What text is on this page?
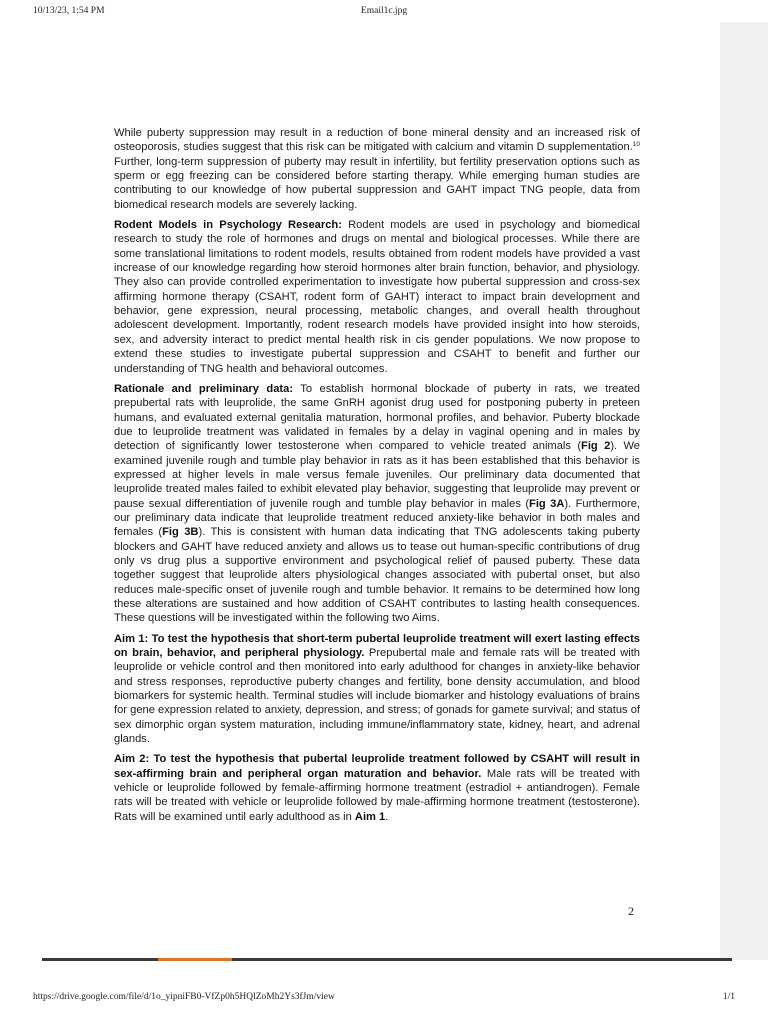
10/13/23, 1:54 PM	Email1c.jpg

While puberty suppression may result in a reduction of bone mineral density and an increased risk of osteoporosis, studies suggest that this risk can be mitigated with calcium and vitamin D supplementation.$^{10}$ Further, long-term suppression of puberty may result in infertility, but fertility preservation options such as sperm or egg freezing can be considered before starting therapy. While emerging human studies are contributing to our knowledge of how pubertal suppression and GAHT impact TNG people, data from biomedical research models are severely lacking.

Rodent Models in Psychology Research: Rodent models are used in psychology and biomedical research to study the role of hormones and drugs on mental and biological processes. While there are some translational limitations to rodent models, results obtained from rodent models have provided a vast increase of our knowledge regarding how steroid hormones alter brain function, behavior, and physiology. They also can provide controlled experimentation to investigate how pubertal suppression and cross-sex affirming hormone therapy (CSAHT, rodent form of GAHT) interact to impact brain development and behavior, gene expression, neural processing, metabolic changes, and overall health throughout adolescent development. Importantly, rodent research models have provided insight into how steroids, sex, and adversity interact to predict mental health risk in cis gender populations. We now propose to extend these studies to investigate pubertal suppression and CSAHT to benefit and further our understanding of TNG health and behavioral outcomes.

Rationale and preliminary data: To establish hormonal blockade of puberty in rats, we treated prepubertal rats with leuprolide, the same GnRH agonist drug used for postponing puberty in preteen humans, and evaluated external genitalia maturation, hormonal profiles, and behavior. Puberty blockade due to leuprolide treatment was validated in females by a delay in vaginal opening and in males by detection of significantly lower testosterone when compared to vehicle treated animals (Fig 2). We examined juvenile rough and tumble play behavior in rats as it has been established that this behavior is expressed at higher levels in male versus female juveniles. Our preliminary data documented that leuprolide treated males failed to exhibit elevated play behavior, suggesting that leuprolide may prevent or pause sexual differentiation of juvenile rough and tumble play behavior in males (Fig 3A). Furthermore, our preliminary data indicate that leuprolide treatment reduced anxiety-like behavior in both males and females (Fig 3B). This is consistent with human data indicating that TNG adolescents taking puberty blockers and GAHT have reduced anxiety and allows us to tease out human-specific contributions of drug only vs drug plus a supportive environment and psychological relief of paused puberty. These data together suggest that leuprolide alters physiological changes associated with pubertal onset, but also reduces male-specific onset of juvenile rough and tumble behavior. It remains to be determined how long these alterations are sustained and how addition of CSAHT contributes to lasting health consequences. These questions will be investigated within the following two Aims.

Aim 1: To test the hypothesis that short-term pubertal leuprolide treatment will exert lasting effects on brain, behavior, and peripheral physiology. Prepubertal male and female rats will be treated with leuprolide or vehicle control and then monitored into early adulthood for changes in anxiety-like behavior and stress responses, reproductive puberty changes and fertility, bone density accumulation, and blood biomarkers for systemic health. Terminal studies will include biomarker and histology evaluations of brains for gene expression related to anxiety, depression, and stress; of gonads for gamete survival; and status of sex dimorphic organ system maturation, including immune/inflammatory state, kidney, heart, and adrenal glands.

Aim 2: To test the hypothesis that pubertal leuprolide treatment followed by CSAHT will result in sex-affirming brain and peripheral organ maturation and behavior. Male rats will be treated with vehicle or leuprolide followed by female-affirming hormone treatment (estradiol + antiandrogen). Female rats will be treated with vehicle or leuprolide followed by male-affirming hormone treatment (testosterone). Rats will be examined until early adulthood as in Aim 1.

2
https://drive.google.com/file/d/1o_yipniFB0-VfZp0h5HQlZoMh2Ys3fJm/view	1/1
